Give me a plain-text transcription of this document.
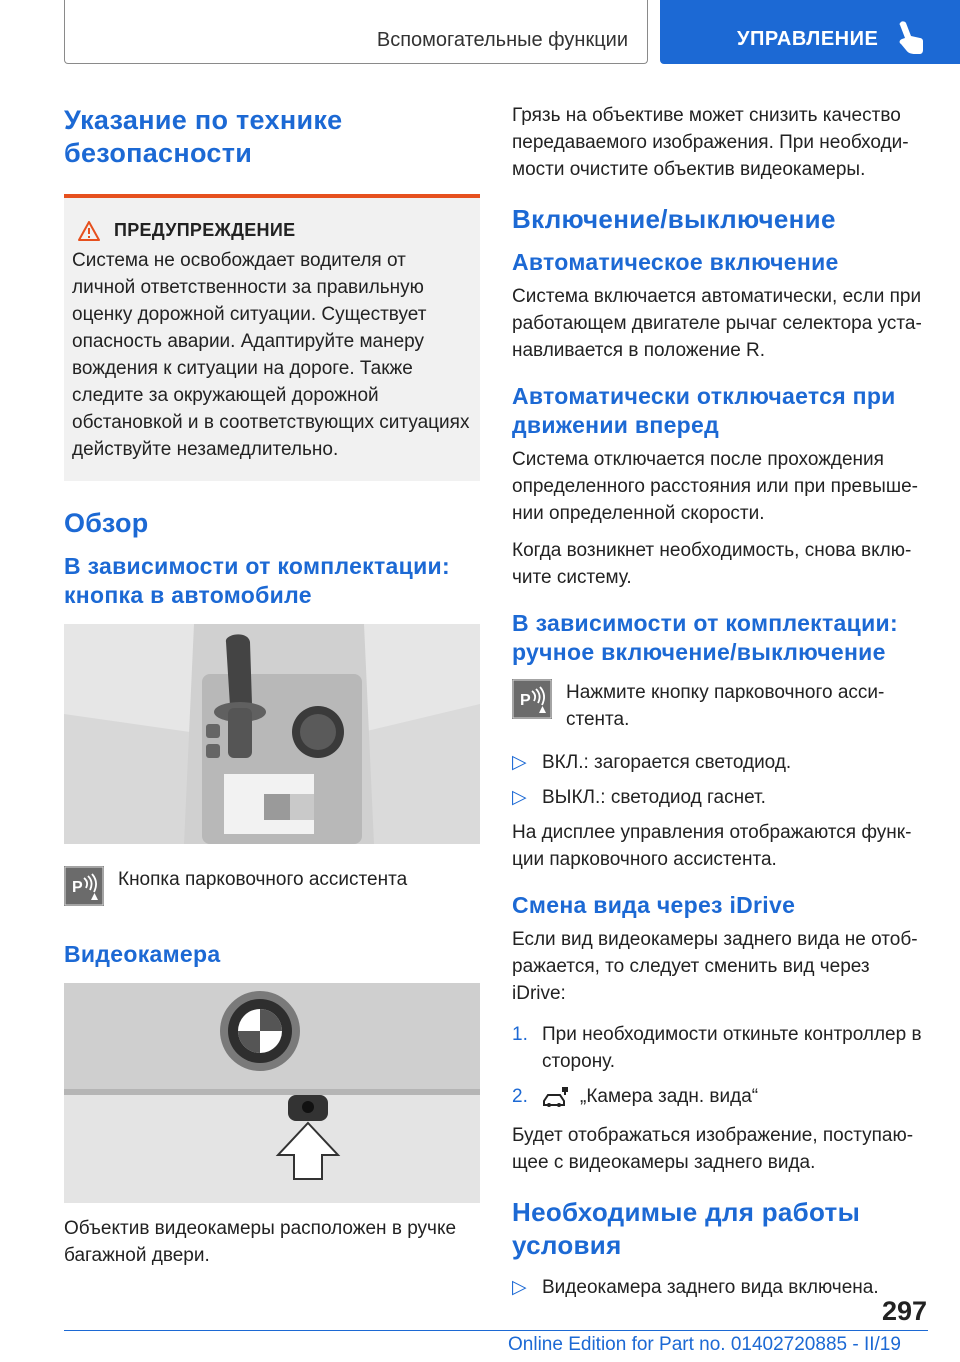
Вспомогательные функции	УПРАВЛЕНИЕ
Указание по технике безопасности
ПРЕДУПРЕЖДЕНИЕ

Система не освобождает водителя от личной ответственности за правильную оценку дорожной ситуации. Существует опасность аварии. Адаптируйте манеру вождения к ситуации на дороге. Также следите за окружающей дорожной обстановкой и в соответствующих ситуациях действуйте незамедлительно.

Обзор
В зависимости от комплектации: кнопка в автомобиле
P Кнопка парковочного ассистента
Видеокамера

Объектив видеокамеры расположен в ручке багажной двери.

Грязь на объективе может снизить качество передаваемого изображения. При необходимости очистите объектив видеокамеры.

Включение/выключение
Автоматическое включение

Система включается автоматически, если при работающем двигателе рычаг селектора устанавливается в положение R.

Автоматически отключается при движении вперед

Система отключается после прохождения определенного расстояния или при превышении определенной скорости.

Когда возникнет необходимость, снова включите систему.

В зависимости от комплектации: ручное включение/выключение
P Нажмите кнопку парковочного ассистента.
▷ ВКЛ.: загорается светодиод.
▷ ВЫКЛ.: светодиод гаснет.

На дисплее управления отображаются функции парковочного ассистента.

Смена вида через iDrive

Если вид видеокамеры заднего вида не отображается, то следует сменить вид через iDrive:

1. При необходимости откиньте контроллер в сторону.
2.	„Камера задн. вида“

Будет отображаться изображение, поступающее с видеокамеры заднего вида.

Необходимые для работы условия
▷ Видеокамера заднего вида включена.
297
Online Edition for Part no. 01402720885 - II/19
